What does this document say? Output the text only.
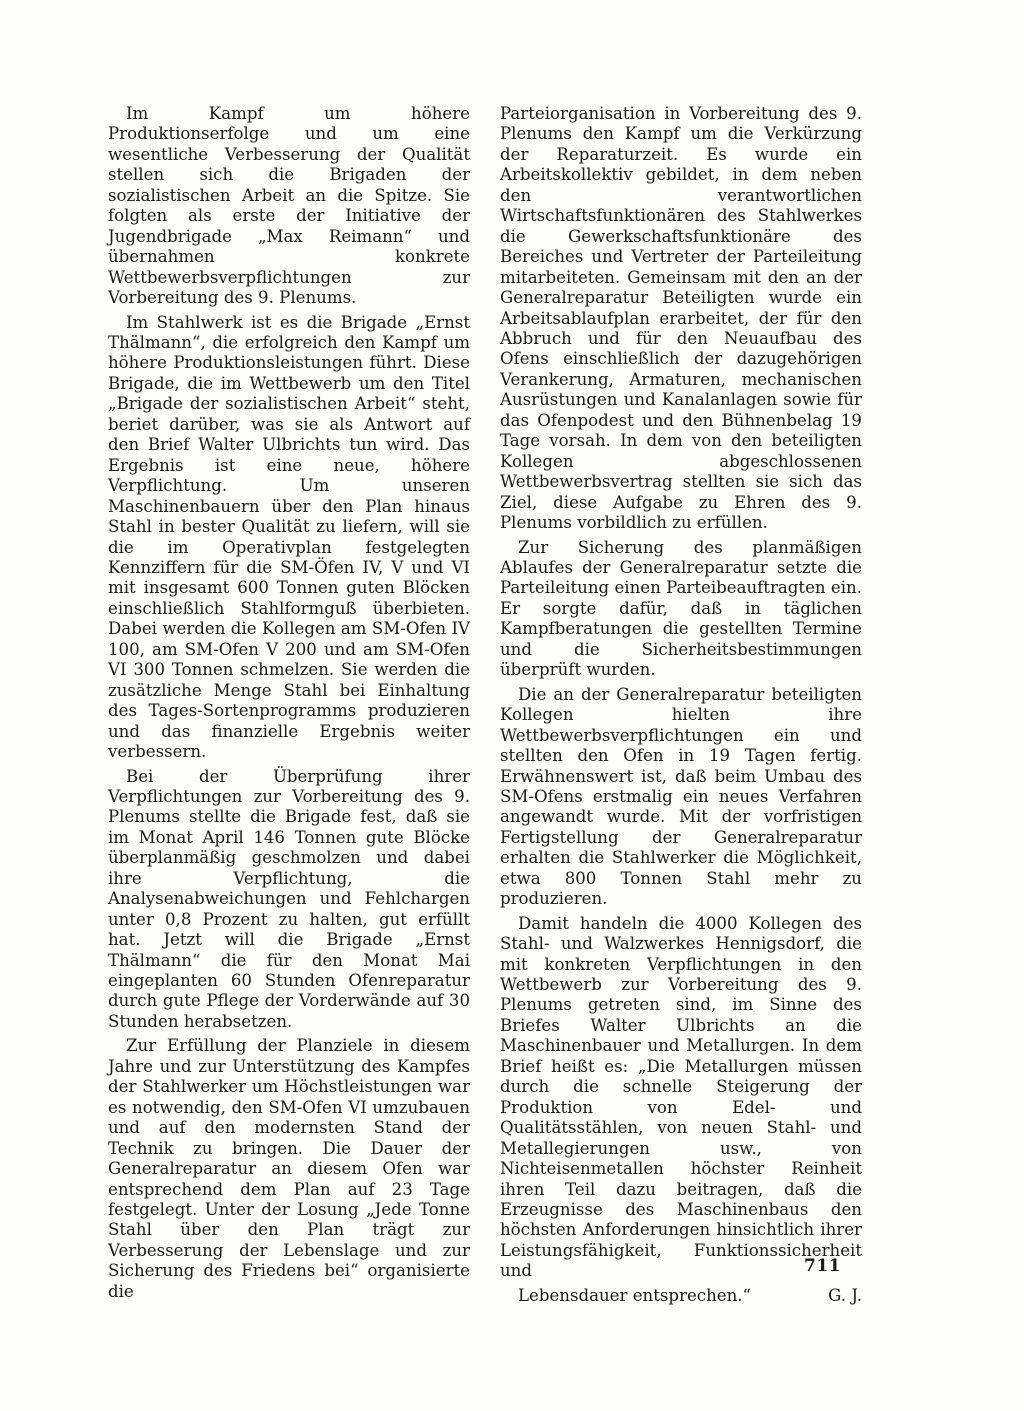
Im Kampf um höhere Produktionserfolge und um eine wesentliche Verbesserung der Qualität stellen sich die Brigaden der sozialistischen Arbeit an die Spitze. Sie folgten als erste der Initiative der Jugendbrigade „Max Reimann“ und übernahmen konkrete Wettbewerbsverpflichtungen zur Vorbereitung des 9. Plenums.

Im Stahlwerk ist es die Brigade „Ernst Thälmann“, die erfolgreich den Kampf um höhere Produktionsleistungen führt. Diese Brigade, die im Wettbewerb um den Titel „Brigade der sozialistischen Arbeit“ steht, beriet darüber, was sie als Antwort auf den Brief Walter Ulbrichts tun wird. Das Ergebnis ist eine neue, höhere Verpflichtung. Um unseren Maschinenbauern über den Plan hinaus Stahl in bester Qualität zu liefern, will sie die im Operativplan festgelegten Kennziffern für die SM-Öfen IV, V und VI mit insgesamt 600 Tonnen guten Blöcken einschließlich Stahlformguß überbieten. Dabei werden die Kollegen am SM-Ofen IV 100, am SM-Ofen V 200 und am SM-Ofen VI 300 Tonnen schmelzen. Sie werden die zusätzliche Menge Stahl bei Einhaltung des Tages-Sortenprogramms produzieren und das finanzielle Ergebnis weiter verbessern.

Bei der Überprüfung ihrer Verpflichtungen zur Vorbereitung des 9. Plenums stellte die Brigade fest, daß sie im Monat April 146 Tonnen gute Blöcke überplanmäßig geschmolzen und dabei ihre Verpflichtung, die Analysenabweichungen und Fehlchargen unter 0,8 Prozent zu halten, gut erfüllt hat. Jetzt will die Brigade „Ernst Thälmann“ die für den Monat Mai eingeplanten 60 Stunden Ofenreparatur durch gute Pflege der Vorderwände auf 30 Stunden herabsetzen.

Zur Erfüllung der Planziele in diesem Jahre und zur Unterstützung des Kampfes der Stahlwerker um Höchstleistungen war es notwendig, den SM-Ofen VI umzubauen und auf den modernsten Stand der Technik zu bringen. Die Dauer der Generalreparatur an diesem Ofen war entsprechend dem Plan auf 23 Tage festgelegt. Unter der Losung „Jede Tonne Stahl über den Plan trägt zur Verbesserung der Lebenslage und zur Sicherung des Friedens bei“ organisierte die

Parteiorganisation in Vorbereitung des 9. Plenums den Kampf um die Verkürzung der Reparaturzeit. Es wurde ein Arbeitskollektiv gebildet, in dem neben den verantwortlichen Wirtschaftsfunktionären des Stahlwerkes die Gewerkschaftsfunktionäre des Bereiches und Vertreter der Parteileitung mitarbeiteten. Gemeinsam mit den an der Generalreparatur Beteiligten wurde ein Arbeitsablaufplan erarbeitet, der für den Abbruch und für den Neuaufbau des Ofens einschließlich der dazugehörigen Verankerung, Armaturen, mechanischen Ausrüstungen und Kanalanlagen sowie für das Ofenpodest und den Bühnenbelag 19 Tage vorsah. In dem von den beteiligten Kollegen abgeschlossenen Wettbewerbsvertrag stellten sie sich das Ziel, diese Aufgabe zu Ehren des 9. Plenums vorbildlich zu erfüllen.

Zur Sicherung des planmäßigen Ablaufes der Generalreparatur setzte die Parteileitung einen Parteibeauftragten ein. Er sorgte dafür, daß in täglichen Kampfberatungen die gestellten Termine und die Sicherheitsbestimmungen überprüft wurden.

Die an der Generalreparatur beteiligten Kollegen hielten ihre Wettbewerbsverpflichtungen ein und stellten den Ofen in 19 Tagen fertig. Erwähnenswert ist, daß beim Umbau des SM-Ofens erstmalig ein neues Verfahren angewandt wurde. Mit der vorfristigen Fertigstellung der Generalreparatur erhalten die Stahlwerker die Möglichkeit, etwa 800 Tonnen Stahl mehr zu produzieren.

Damit handeln die 4000 Kollegen des Stahl- und Walzwerkes Hennigsdorf, die mit konkreten Verpflichtungen in den Wettbewerb zur Vorbereitung des 9. Plenums getreten sind, im Sinne des Briefes Walter Ulbrichts an die Maschinenbauer und Metallurgen. In dem Brief heißt es: „Die Metallurgen müssen durch die schnelle Steigerung der Produktion von Edel- und Qualitätsstählen, von neuen Stahl- und Metallegierungen usw., von Nichteisenmetallen höchster Reinheit ihren Teil dazu beitragen, daß die Erzeugnisse des Maschinenbaus den höchsten Anforderungen hinsichtlich ihrer Leistungsfähigkeit, Funktionssicherheit und

Lebensdauer entsprechen.“	G. J.

711
